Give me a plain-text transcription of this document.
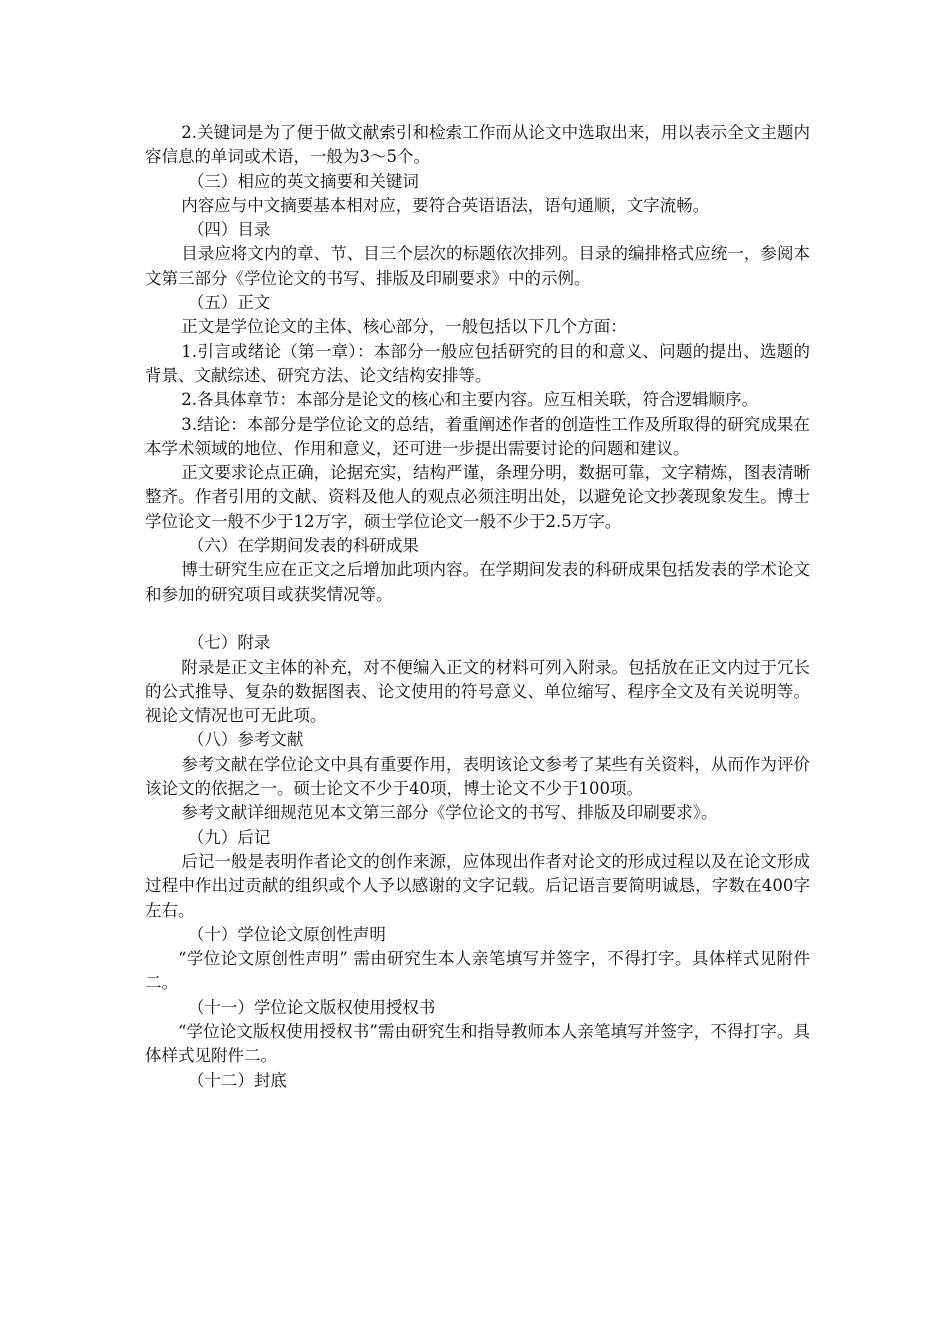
2.关键词是为了便于做文献索引和检索工作而从论文中选取出来，用以表示全文主题内容信息的单词或术语，一般为3～5个。

（三）相应的英文摘要和关键词

内容应与中文摘要基本相对应，要符合英语语法，语句通顺，文字流畅。

（四）目录

目录应将文内的章、节、目三个层次的标题依次排列。目录的编排格式应统一，参阅本文第三部分《学位论文的书写、排版及印刷要求》中的示例。

（五）正文

正文是学位论文的主体、核心部分，一般包括以下几个方面：

1.引言或绪论（第一章）：本部分一般应包括研究的目的和意义、问题的提出、选题的背景、文献综述、研究方法、论文结构安排等。

2.各具体章节：本部分是论文的核心和主要内容。应互相关联，符合逻辑顺序。

3.结论：本部分是学位论文的总结，着重阐述作者的创造性工作及所取得的研究成果在本学术领域的地位、作用和意义，还可进一步提出需要讨论的问题和建议。

正文要求论点正确，论据充实，结构严谨，条理分明，数据可靠，文字精炼，图表清晰整齐。作者引用的文献、资料及他人的观点必须注明出处，以避免论文抄袭现象发生。博士学位论文一般不少于12万字，硕士学位论文一般不少于2.5万字。

（六）在学期间发表的科研成果

博士研究生应在正文之后增加此项内容。在学期间发表的科研成果包括发表的学术论文和参加的研究项目或获奖情况等。

（七）附录

附录是正文主体的补充，对不便编入正文的材料可列入附录。包括放在正文内过于冗长的公式推导、复杂的数据图表、论文使用的符号意义、单位缩写、程序全文及有关说明等。视论文情况也可无此项。

（八）参考文献

参考文献在学位论文中具有重要作用，表明该论文参考了某些有关资料，从而作为评价该论文的依据之一。硕士论文不少于40项，博士论文不少于100项。

参考文献详细规范见本文第三部分《学位论文的书写、排版及印刷要求》。

（九）后记

后记一般是表明作者论文的创作来源，应体现出作者对论文的形成过程以及在论文形成过程中作出过贡献的组织或个人予以感谢的文字记载。后记语言要简明诚恳，字数在400字左右。

（十）学位论文原创性声明

“学位论文原创性声明” 需由研究生本人亲笔填写并签字，不得打字。具体样式见附件二。

（十一）学位论文版权使用授权书

“学位论文版权使用授权书”需由研究生和指导教师本人亲笔填写并签字，不得打字。具体样式见附件二。

（十二）封底
